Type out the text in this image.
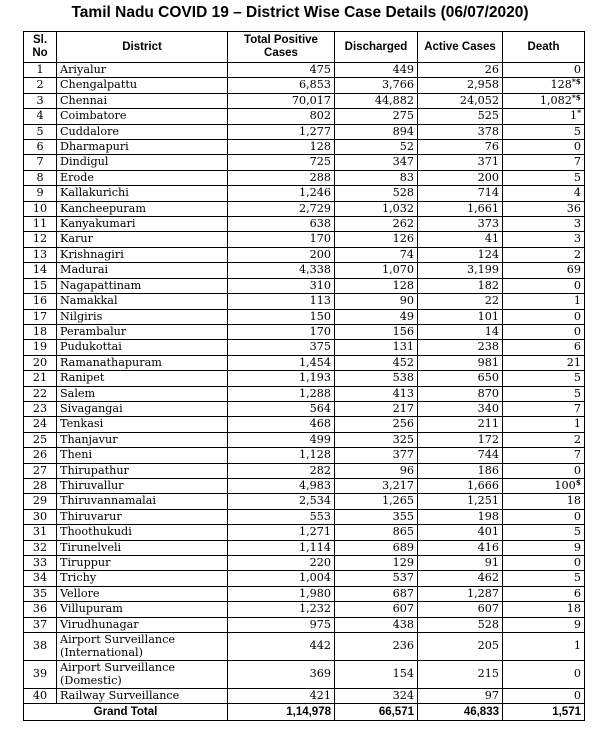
Tamil Nadu COVID 19 – District Wise Case Details (06/07/2020)
Sl. No	District	Total Positive Cases	Discharged	Active Cases	Death
1	Ariyalur	475	449	26	0
2	Chengalpattu	6,853	3,766	2,958	128*$
3	Chennai	70,017	44,882	24,052	1,082*$
4	Coimbatore	802	275	525	1*
5	Cuddalore	1,277	894	378	5
6	Dharmapuri	128	52	76	0
7	Dindigul	725	347	371	7
8	Erode	288	83	200	5
9	Kallakurichi	1,246	528	714	4
10	Kancheepuram	2,729	1,032	1,661	36
11	Kanyakumari	638	262	373	3
12	Karur	170	126	41	3
13	Krishnagiri	200	74	124	2
14	Madurai	4,338	1,070	3,199	69
15	Nagapattinam	310	128	182	0
16	Namakkal	113	90	22	1
17	Nilgiris	150	49	101	0
18	Perambalur	170	156	14	0
19	Pudukottai	375	131	238	6
20	Ramanathapuram	1,454	452	981	21
21	Ranipet	1,193	538	650	5
22	Salem	1,288	413	870	5
23	Sivagangai	564	217	340	7
24	Tenkasi	468	256	211	1
25	Thanjavur	499	325	172	2
26	Theni	1,128	377	744	7
27	Thirupathur	282	96	186	0
28	Thiruvallur	4,983	3,217	1,666	100$
29	Thiruvannamalai	2,534	1,265	1,251	18
30	Thiruvarur	553	355	198	0
31	Thoothukudi	1,271	865	401	5
32	Tirunelveli	1,114	689	416	9
33	Tiruppur	220	129	91	0
34	Trichy	1,004	537	462	5
35	Vellore	1,980	687	1,287	6
36	Villupuram	1,232	607	607	18
37	Virudhunagar	975	438	528	9
38	Airport Surveillance (International)	442	236	205	1
39	Airport Surveillance (Domestic)	369	154	215	0
40	Railway Surveillance	421	324	97	0
Grand Total		1,14,978	66,571	46,833	1,571
